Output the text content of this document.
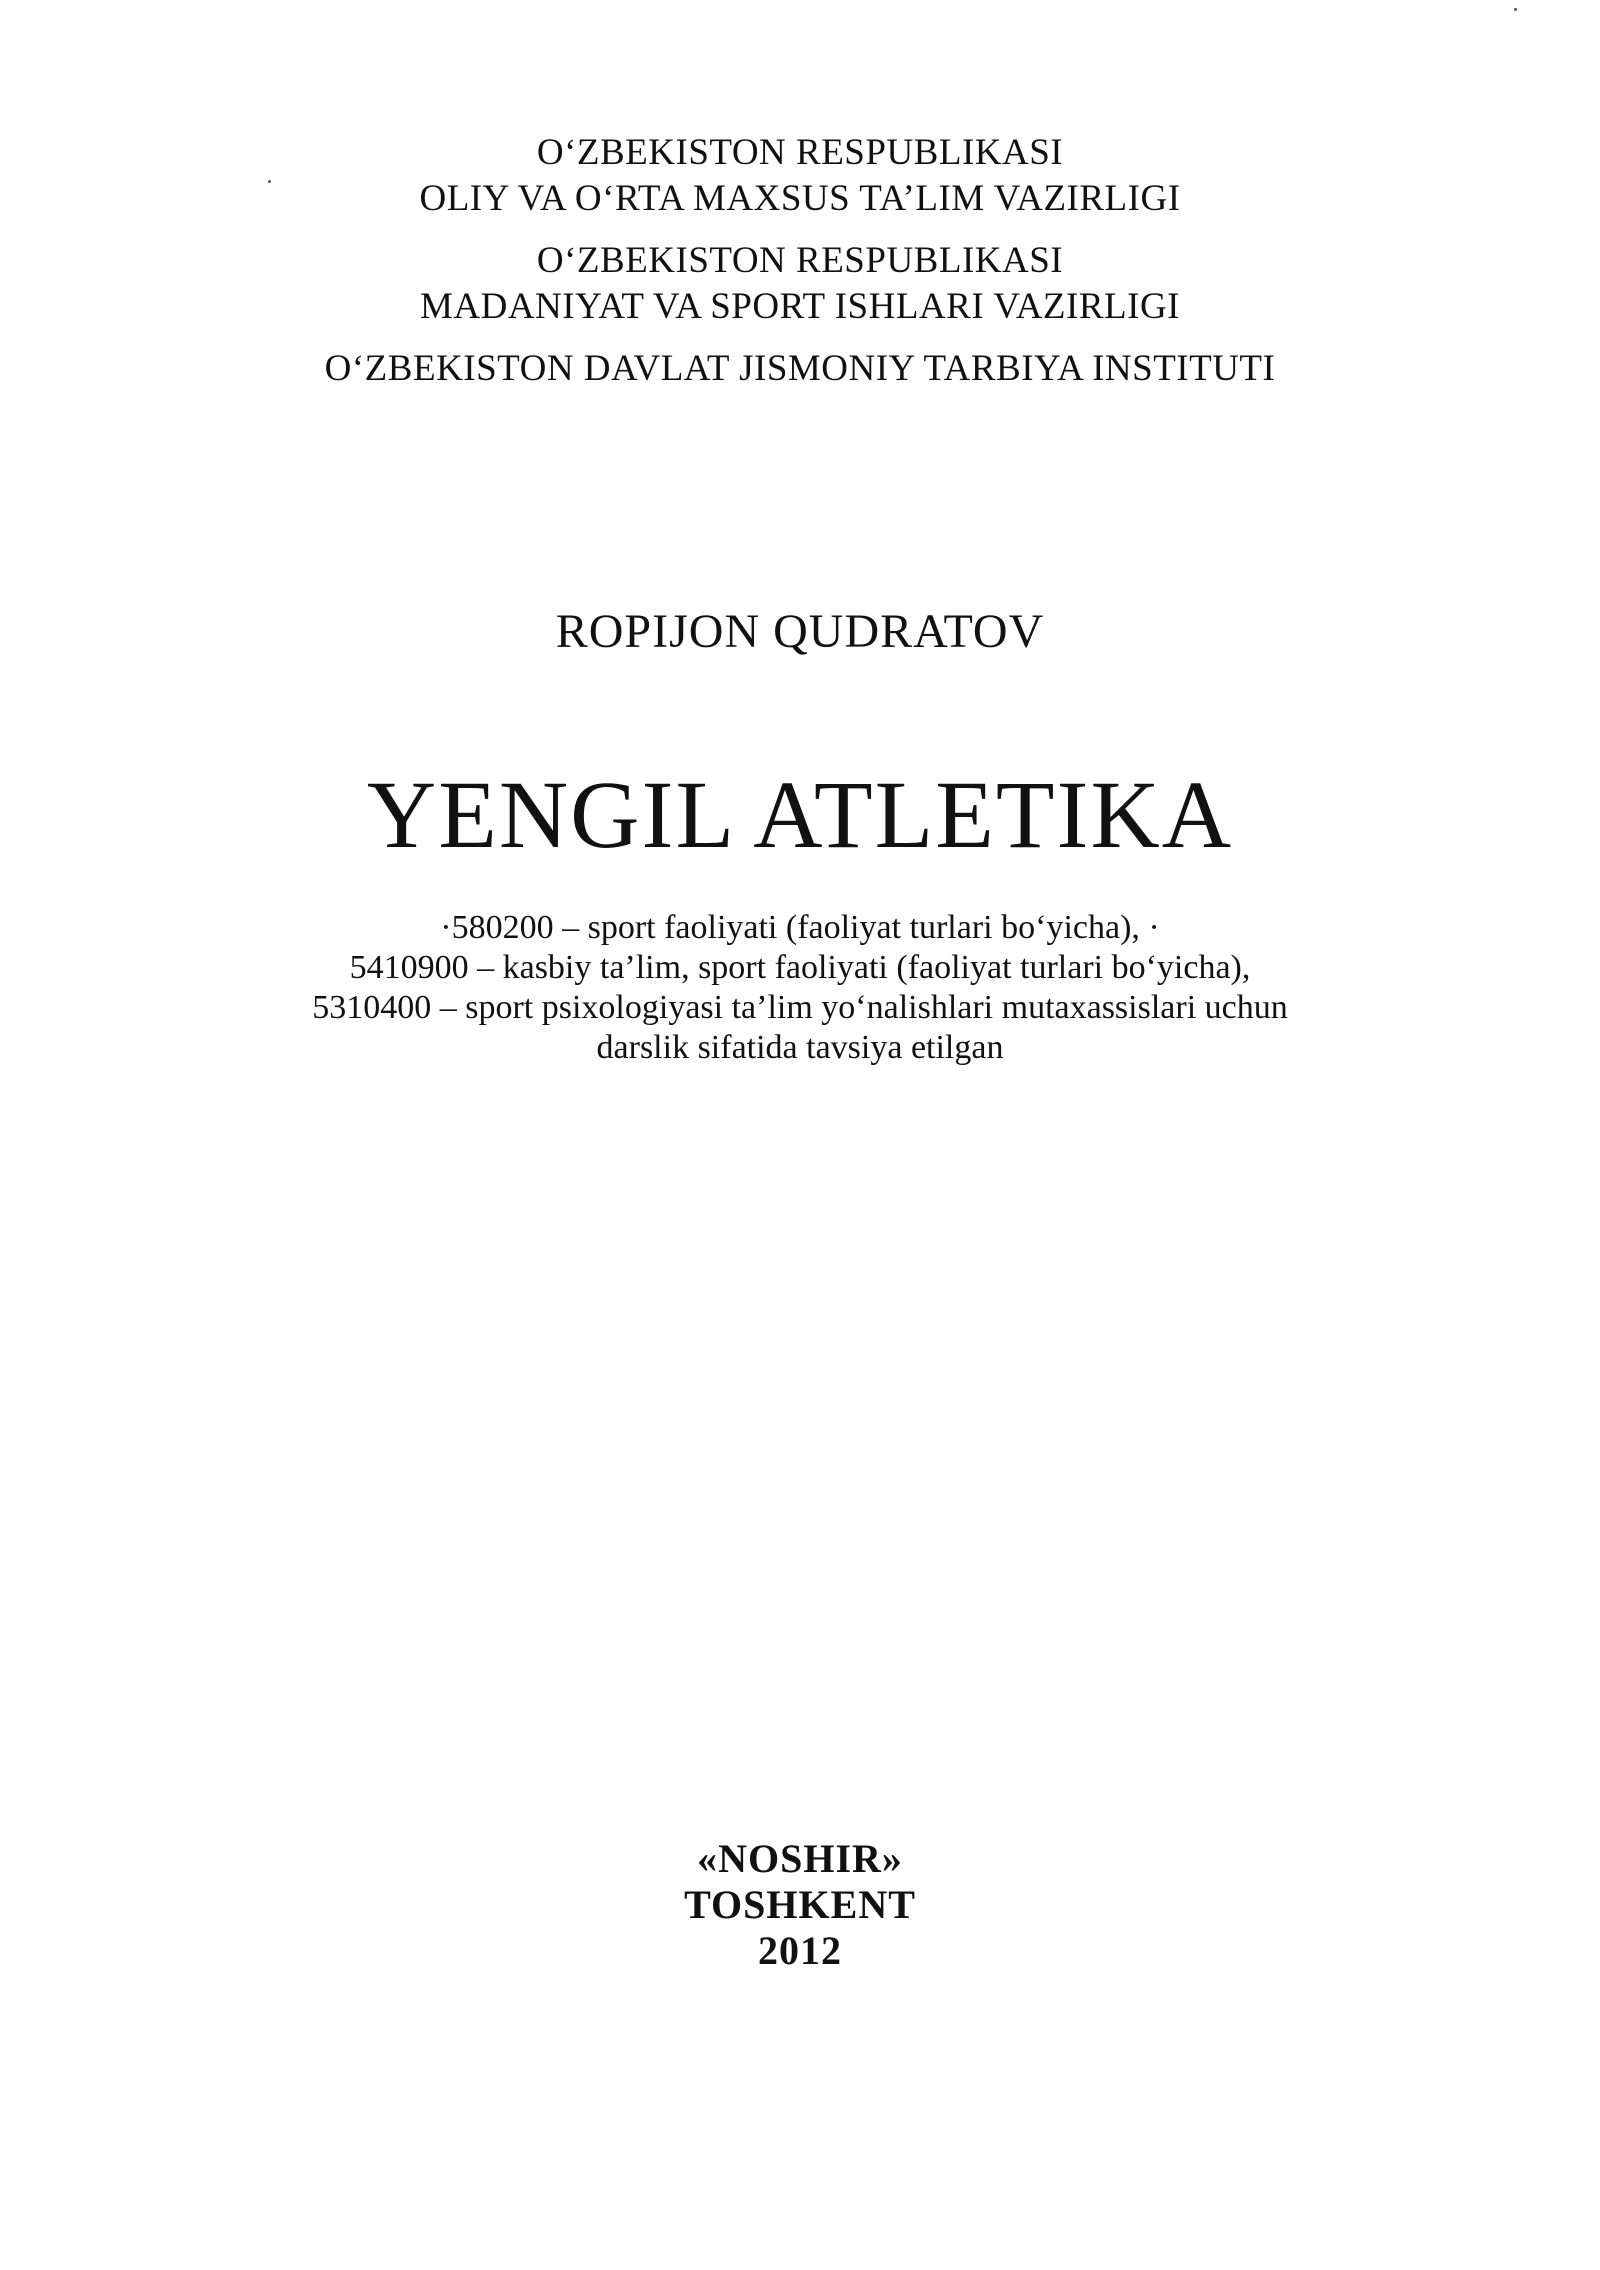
O‘ZBEKISTON RESPUBLIKASI
OLIY VA O‘RTA MAXSUS TA’LIM VAZIRLIGI
O‘ZBEKISTON RESPUBLIKASI
MADANIYAT VA SPORT ISHLARI VAZIRLIGI
O‘ZBEKISTON DAVLAT JISMONIY TARBIYA INSTITUTI
ROPIJON QUDRATOV
YENGIL ATLETIKA
·580200 – sport faoliyati (faoliyat turlari bo‘yicha), ·
5410900 – kasbiy ta’lim, sport faoliyati (faoliyat turlari bo‘yicha),
5310400 – sport psixologiyasi ta’lim yo‘nalishlari mutaxassislari uchun
darslik sifatida tavsiya etilgan
«NOSHIR»
TOSHKENT
2012
